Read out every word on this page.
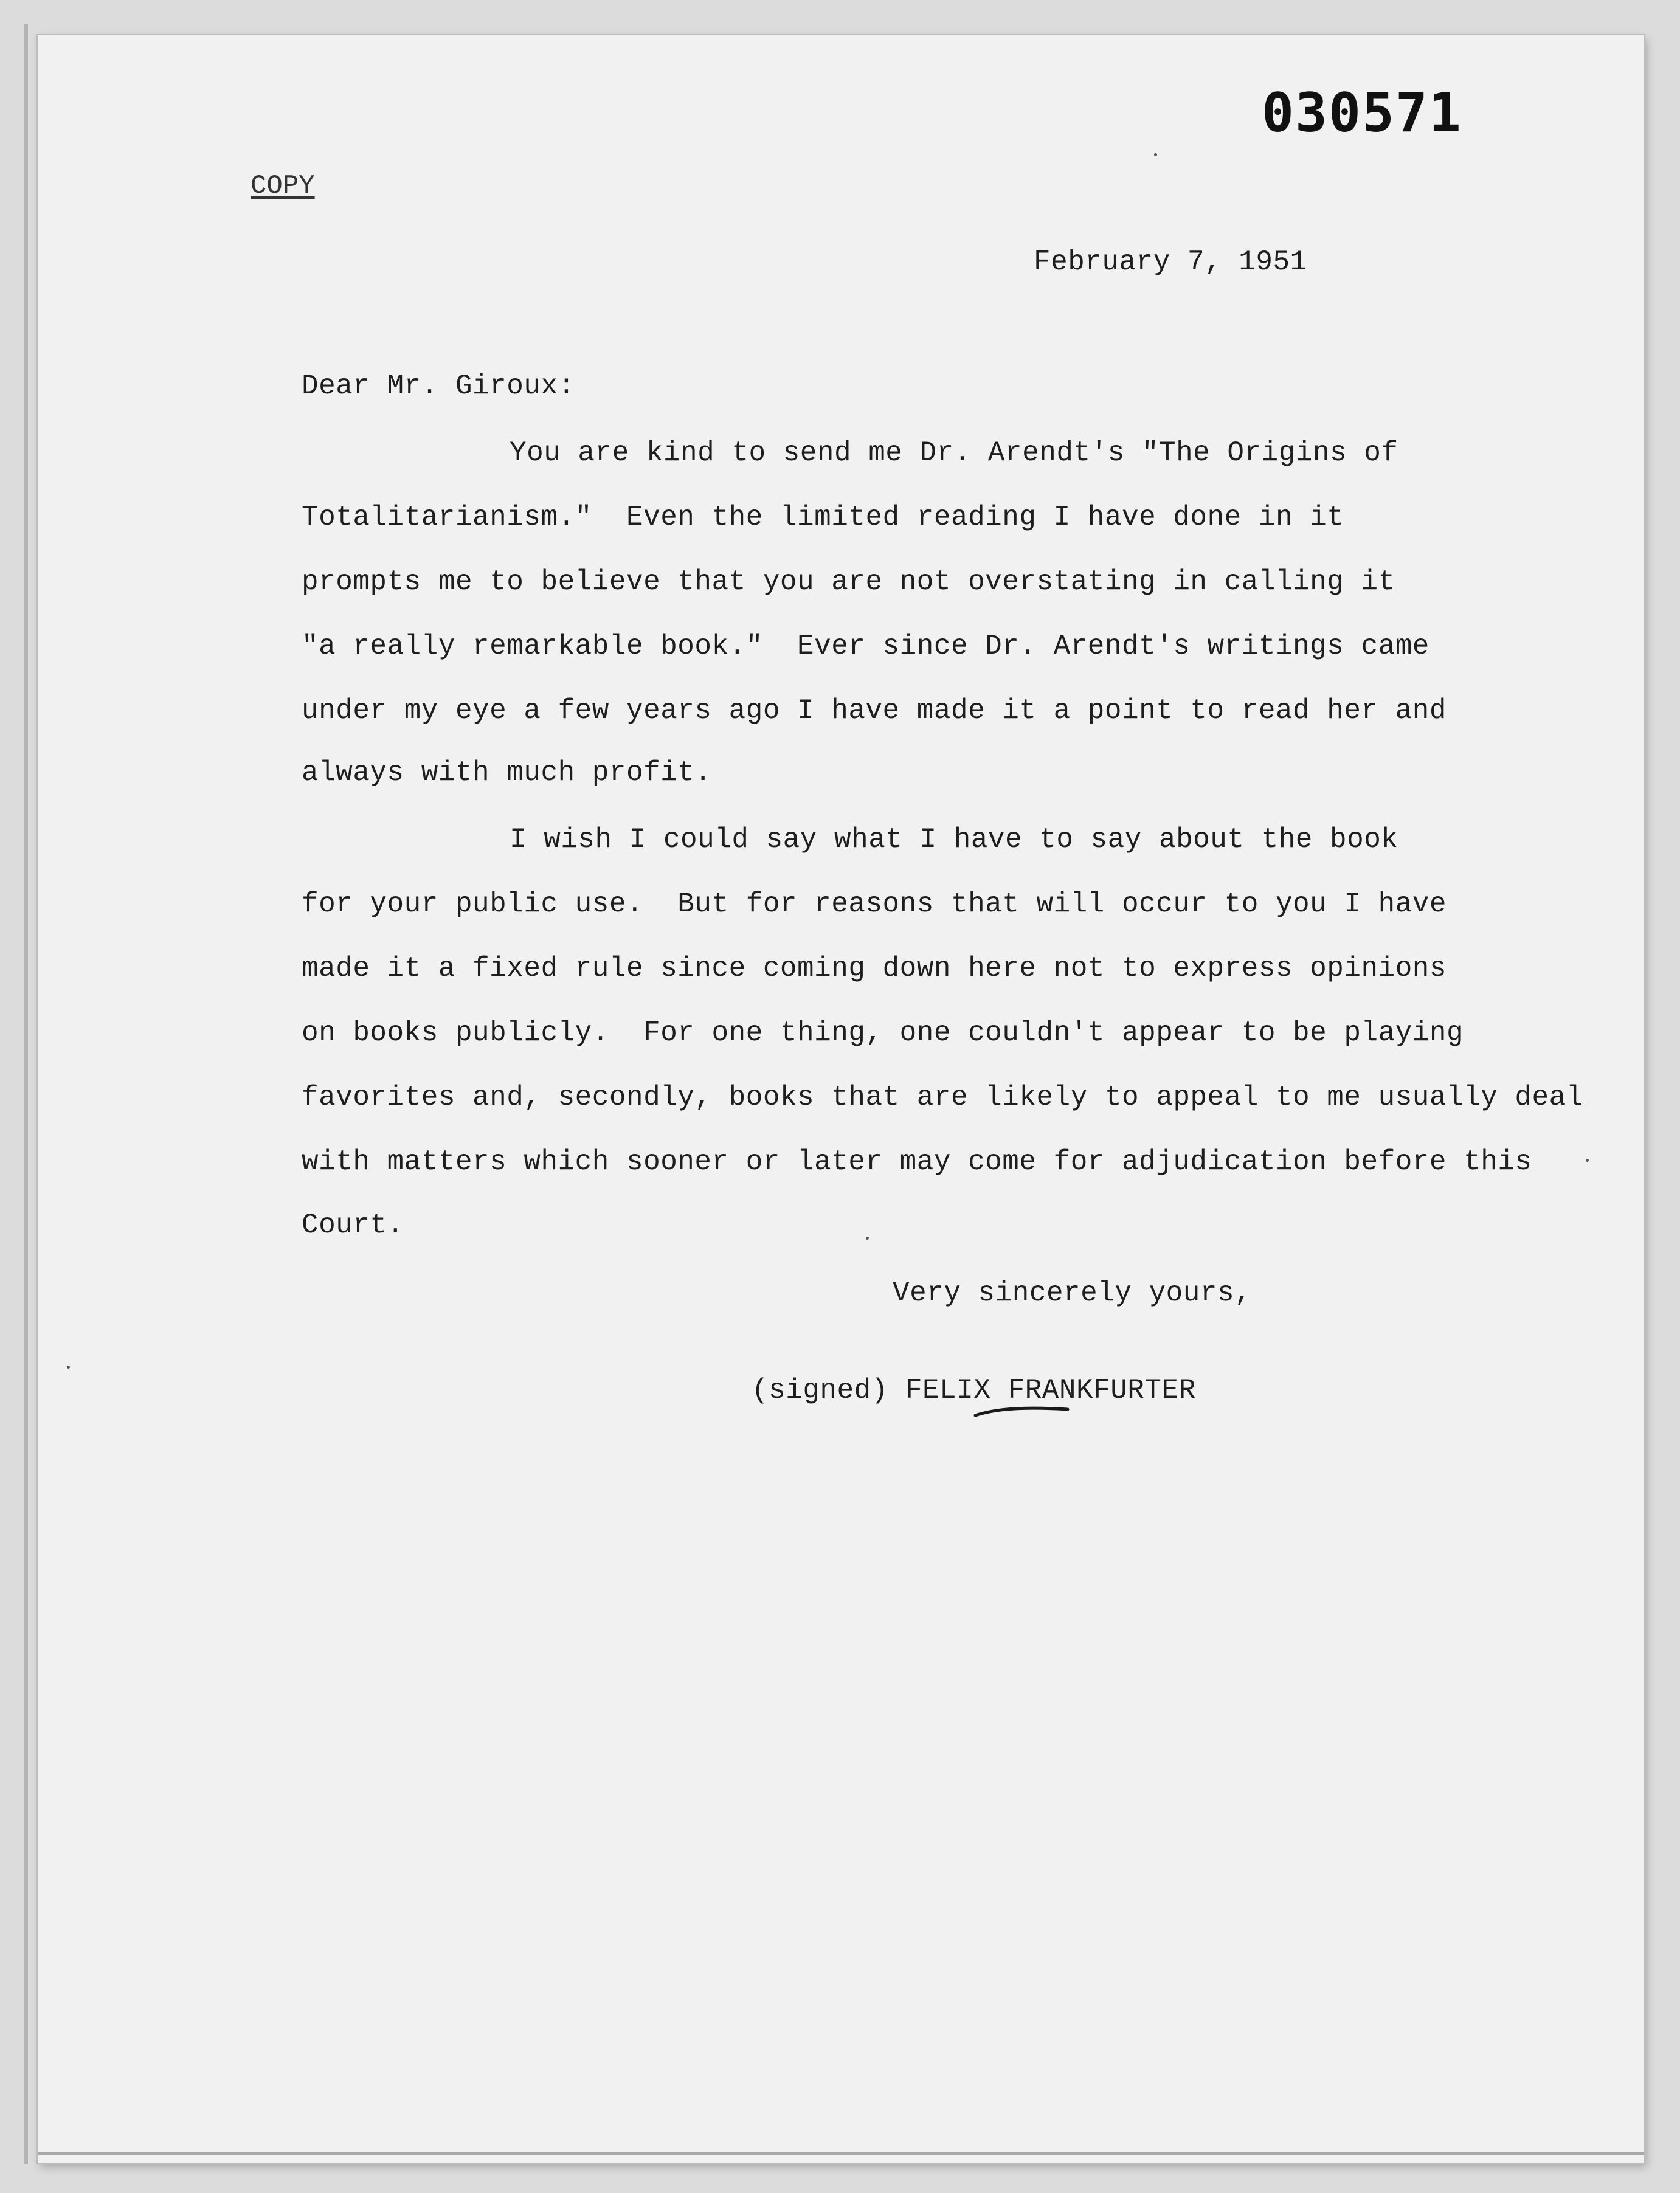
030571
COPY
February 7, 1951
Dear Mr. Giroux:
You are kind to send me Dr. Arendt's "The Origins of
Totalitarianism."  Even the limited reading I have done in it
prompts me to believe that you are not overstating in calling it
"a really remarkable book."  Ever since Dr. Arendt's writings came
under my eye a few years ago I have made it a point to read her and
always with much profit.
I wish I could say what I have to say about the book
for your public use.  But for reasons that will occur to you I have
made it a fixed rule since coming down here not to express opinions
on books publicly.  For one thing, one couldn't appear to be playing
favorites and, secondly, books that are likely to appeal to me usually deal
with matters which sooner or later may come for adjudication before this
Court.
Very sincerely yours,
(signed) FELIX FRANKFURTER
